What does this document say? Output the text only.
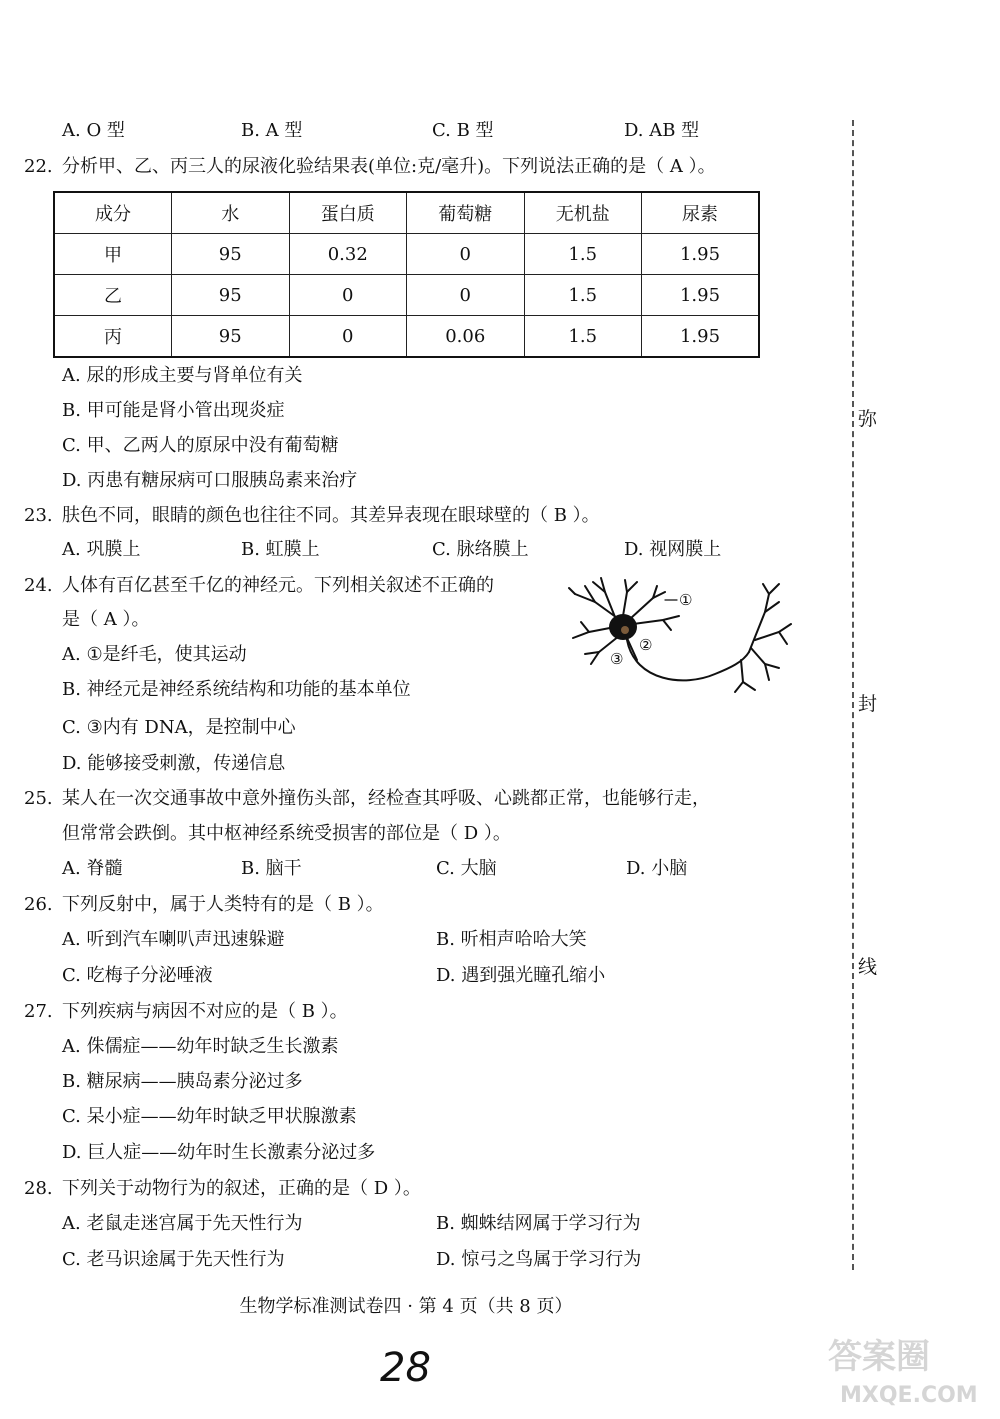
A. O 型	B. A 型	C. B 型	D. AB 型
22. 分析甲、乙、丙三人的尿液化验结果表(单位:克/毫升)。下列说法正确的是（ A ）。
成分	水	蛋白质	葡萄糖	无机盐	尿素
甲	95	0.32	0	1.5	1.95
乙	95	0	0	1.5	1.95
丙	95	0	0.06	1.5	1.95
A. 尿的形成主要与肾单位有关
B. 甲可能是肾小管出现炎症
C. 甲、乙两人的原尿中没有葡萄糖
D. 丙患有糖尿病可口服胰岛素来治疗
23. 肤色不同，眼睛的颜色也往往不同。其差异表现在眼球壁的（ B ）。
A. 巩膜上	B. 虹膜上	C. 脉络膜上	D. 视网膜上
24. 人体有百亿甚至千亿的神经元。下列相关叙述不正确的
是（ A ）。
A. ①是纤毛，使其运动
B. 神经元是神经系统结构和功能的基本单位
C. ③内有 DNA，是控制中心
D. 能够接受刺激，传递信息
①
②
③
25. 某人在一次交通事故中意外撞伤头部，经检查其呼吸、心跳都正常，也能够行走，
但常常会跌倒。其中枢神经系统受损害的部位是（ D ）。
A. 脊髓	B. 脑干	C. 大脑	D. 小脑
26. 下列反射中，属于人类特有的是（ B ）。
A. 听到汽车喇叭声迅速躲避	B. 听相声哈哈大笑
C. 吃梅子分泌唾液	D. 遇到强光瞳孔缩小
27. 下列疾病与病因不对应的是（ B ）。
A. 侏儒症——幼年时缺乏生长激素
B. 糖尿病——胰岛素分泌过多
C. 呆小症——幼年时缺乏甲状腺激素
D. 巨人症——幼年时生长激素分泌过多
28. 下列关于动物行为的叙述，正确的是（ D ）。
A. 老鼠走迷宫属于先天性行为	B. 蜘蛛结网属于学习行为
C. 老马识途属于先天性行为	D. 惊弓之鸟属于学习行为
弥
封
线
生物学标准测试卷四 · 第 4 页（共 8 页）
28	答案圈
MXQE.COM
